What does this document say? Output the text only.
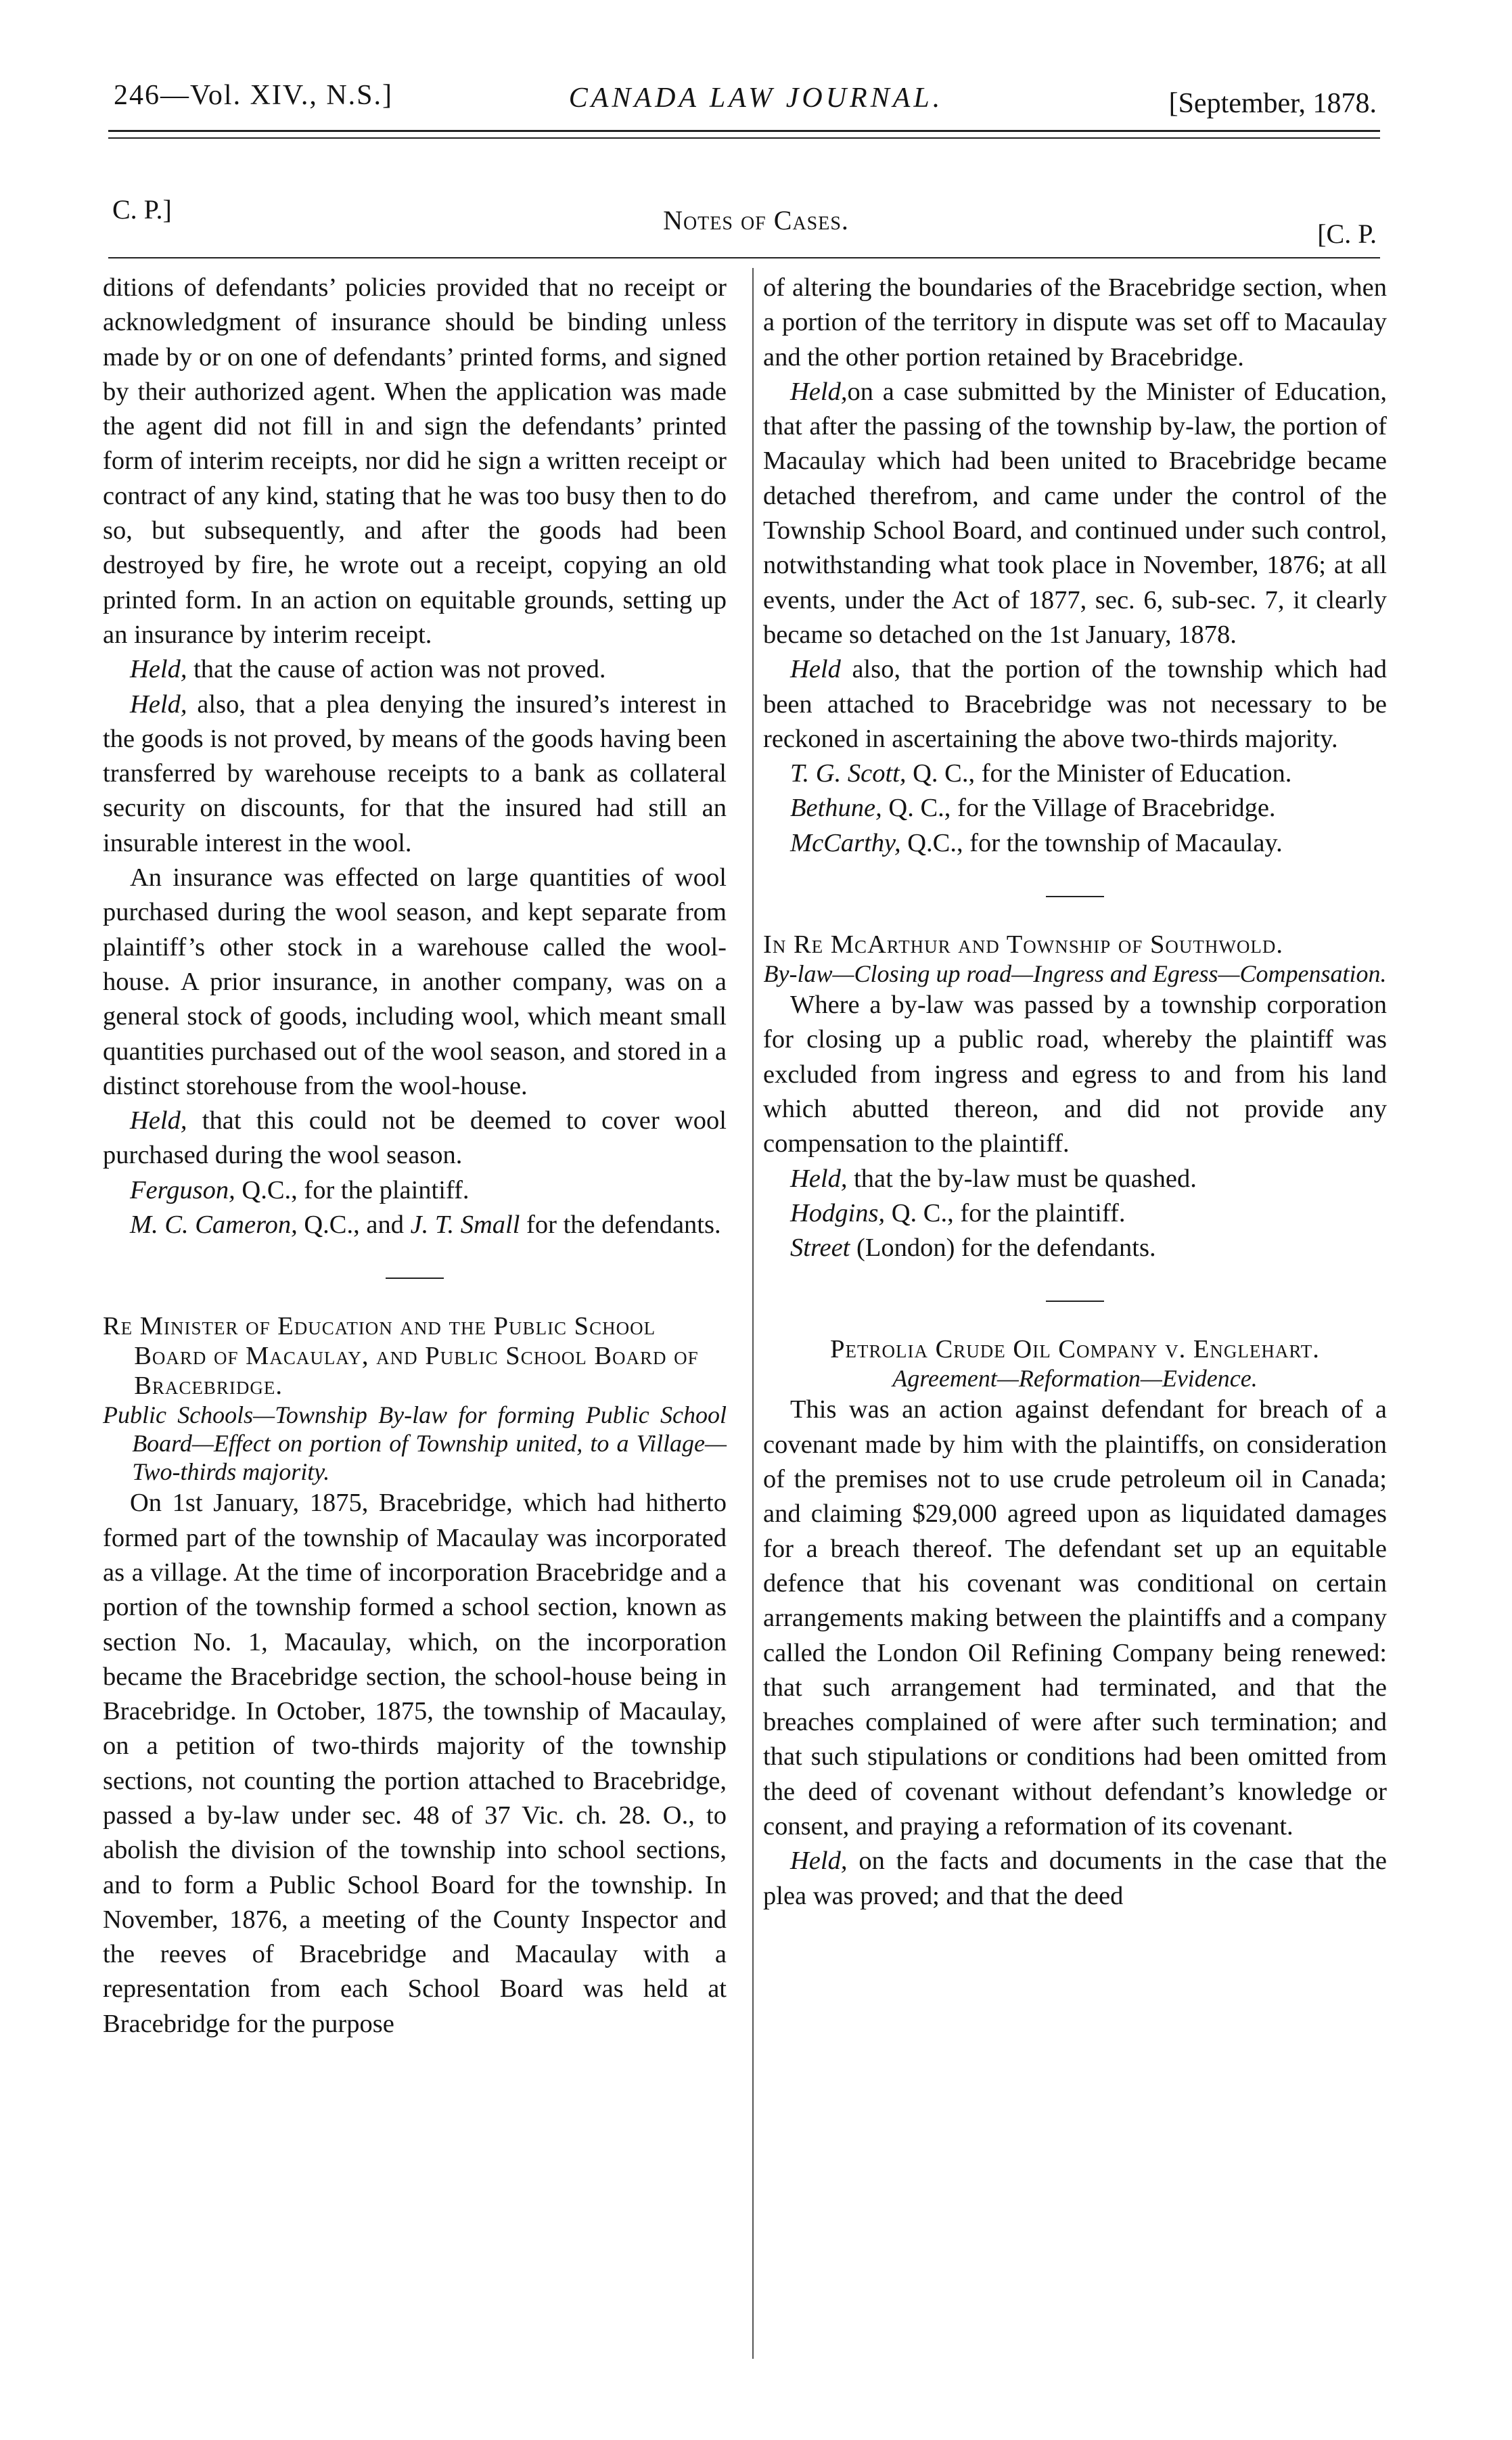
246—Vol. XIV., N.S.]	CANADA LAW JOURNAL.	[September, 1878.
C. P.]	Notes of Cases.	[C. P.

ditions of defendants’ policies provided that no receipt or acknowledgment of insurance should be binding unless made by or on one of defendants’ printed forms, and signed by their authorized agent. When the application was made the agent did not fill in and sign the defendants’ printed form of interim receipts, nor did he sign a written receipt or contract of any kind, stating that he was too busy then to do so, but subsequently, and after the goods had been destroyed by fire, he wrote out a receipt, copying an old printed form. In an action on equitable grounds, setting up an insurance by interim receipt.

Held, that the cause of action was not proved.

Held, also, that a plea denying the insured’s interest in the goods is not proved, by means of the goods having been transferred by warehouse receipts to a bank as collateral security on discounts, for that the insured had still an insurable interest in the wool.

An insurance was effected on large quantities of wool purchased during the wool season, and kept separate from plaintiff’s other stock in a warehouse called the wool-house. A prior insurance, in another company, was on a general stock of goods, including wool, which meant small quantities purchased out of the wool season, and stored in a distinct storehouse from the wool-house.

Held, that this could not be deemed to cover wool purchased during the wool season.

Ferguson, Q.C., for the plaintiff.

M. C. Cameron, Q.C., and J. T. Small for the defendants.

Re Minister of Education and the Public School Board of Macaulay, and Public School Board of Bracebridge.

Public Schools—Township By-law for forming Public School Board—Effect on portion of Township united, to a Village—Two-thirds majority.

On 1st January, 1875, Bracebridge, which had hitherto formed part of the township of Macaulay was incorporated as a village. At the time of incorporation Bracebridge and a portion of the township formed a school section, known as section No. 1, Macaulay, which, on the incorporation became the Bracebridge section, the school-house being in Bracebridge. In October, 1875, the township of Macaulay, on a petition of two-thirds majority of the township sections, not counting the portion attached to Bracebridge, passed a by-law under sec. 48 of 37 Vic. ch. 28. O., to abolish the division of the township into school sections, and to form a Public School Board for the township. In November, 1876, a meeting of the County Inspector and the reeves of Bracebridge and Macaulay with a representation from each School Board was held at Bracebridge for the purpose

of altering the boundaries of the Bracebridge section, when a portion of the territory in dispute was set off to Macaulay and the other portion retained by Bracebridge.

Held,on a case submitted by the Minister of Education, that after the passing of the township by-law, the portion of Macaulay which had been united to Bracebridge became detached therefrom, and came under the control of the Township School Board, and continued under such control, notwithstanding what took place in November, 1876; at all events, under the Act of 1877, sec. 6, sub-sec. 7, it clearly became so detached on the 1st January, 1878.

Held also, that the portion of the township which had been attached to Bracebridge was not necessary to be reckoned in ascertaining the above two-thirds majority.

T. G. Scott, Q. C., for the Minister of Education.

Bethune, Q. C., for the Village of Bracebridge.

McCarthy, Q.C., for the township of Macaulay.

In Re McArthur and Township of Southwold.

By-law—Closing up road—Ingress and Egress—Compensation.

Where a by-law was passed by a township corporation for closing up a public road, whereby the plaintiff was excluded from ingress and egress to and from his land which abutted thereon, and did not provide any compensation to the plaintiff.

Held, that the by-law must be quashed.

Hodgins, Q. C., for the plaintiff.

Street (London) for the defendants.

Petrolia Crude Oil Company v. Englehart.

Agreement—Reformation—Evidence.

This was an action against defendant for breach of a covenant made by him with the plaintiffs, on consideration of the premises not to use crude petroleum oil in Canada; and claiming $29,000 agreed upon as liquidated damages for a breach thereof. The defendant set up an equitable defence that his covenant was conditional on certain arrangements making between the plaintiffs and a company called the London Oil Refining Company being renewed: that such arrangement had terminated, and that the breaches complained of were after such termination; and that such stipulations or conditions had been omitted from the deed of covenant without defendant’s knowledge or consent, and praying a reformation of its covenant.

Held, on the facts and documents in the case that the plea was proved; and that the deed
